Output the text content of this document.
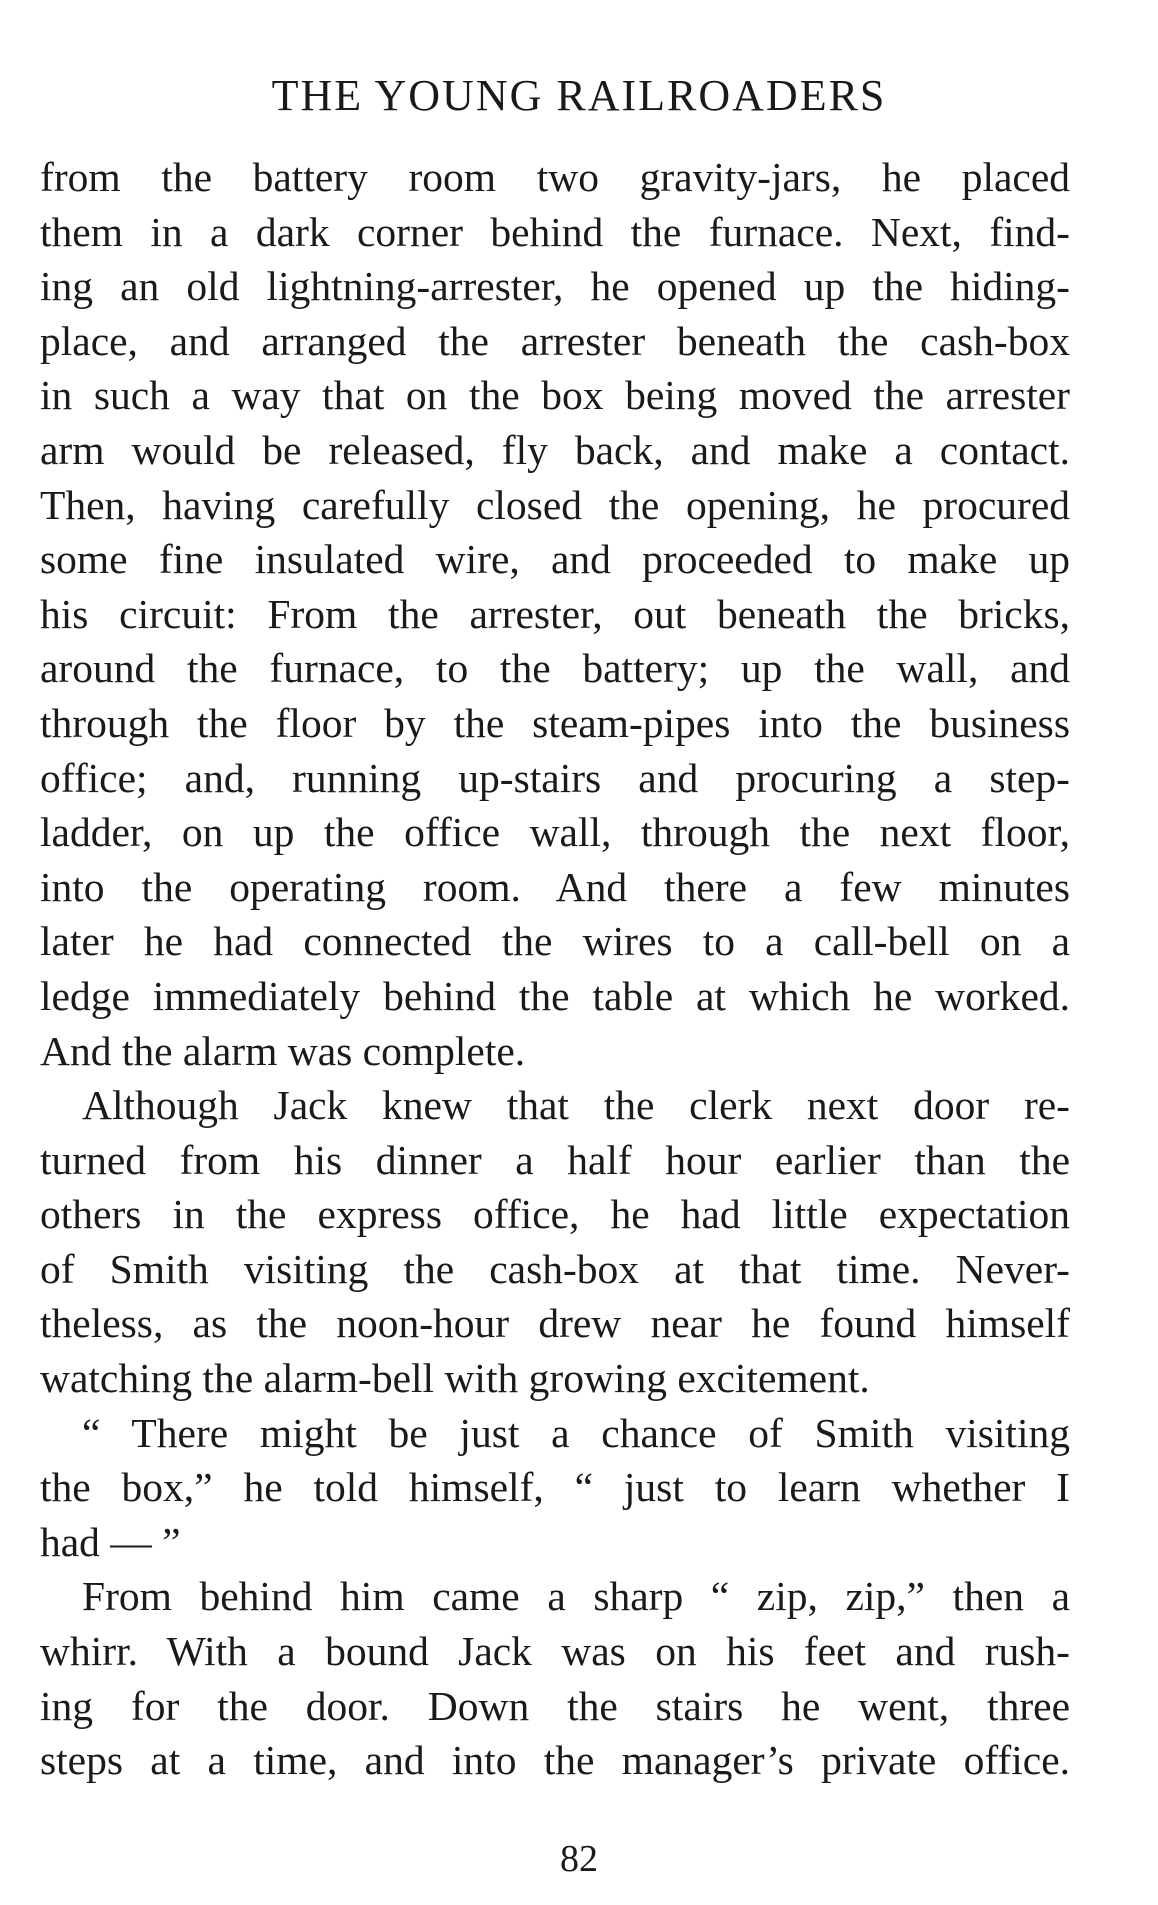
THE YOUNG RAILROADERS
from the battery room two gravity-jars, he placed
them in a dark corner behind the furnace. Next, find-
ing an old lightning-arrester, he opened up the hiding-
place, and arranged the arrester beneath the cash-box
in such a way that on the box being moved the arrester
arm would be released, fly back, and make a contact.
Then, having carefully closed the opening, he procured
some fine insulated wire, and proceeded to make up
his circuit: From the arrester, out beneath the bricks,
around the furnace, to the battery; up the wall, and
through the floor by the steam-pipes into the business
office; and, running up-stairs and procuring a step-
ladder, on up the office wall, through the next floor,
into the operating room. And there a few minutes
later he had connected the wires to a call-bell on a
ledge immediately behind the table at which he worked.
And the alarm was complete.
Although Jack knew that the clerk next door re-
turned from his dinner a half hour earlier than the
others in the express office, he had little expectation
of Smith visiting the cash-box at that time. Never-
theless, as the noon-hour drew near he found himself
watching the alarm-bell with growing excitement.
“ There might be just a chance of Smith visiting
the box,” he told himself, “ just to learn whether I
had — ”
From behind him came a sharp “ zip, zip,” then a
whirr. With a bound Jack was on his feet and rush-
ing for the door. Down the stairs he went, three
steps at a time, and into the manager’s private office.
82
